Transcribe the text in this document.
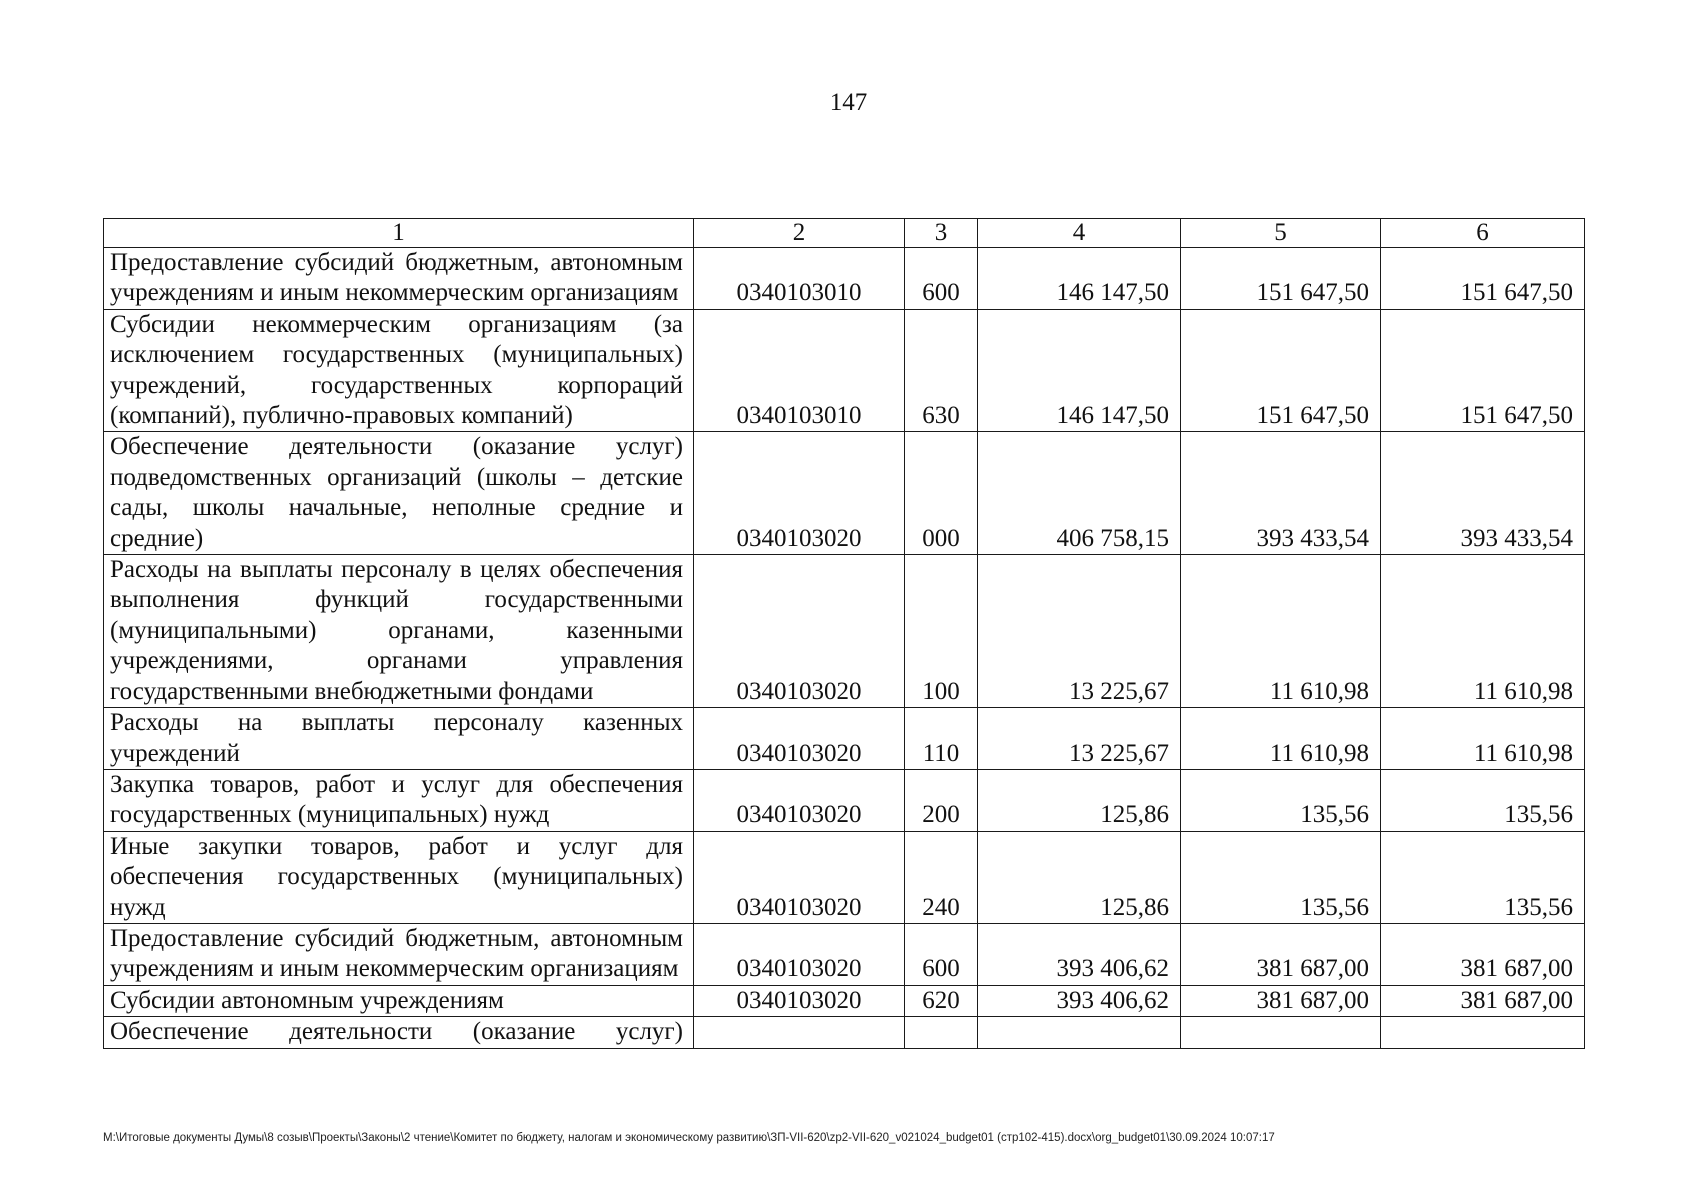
147
1	2	3	4	5	6

Предоставление субсидий бюджетным, автономным учреждениям и иным некоммерческим организациям	0340103010	600	146 147,50	151 647,50	151 647,50

Субсидии некоммерческим организациям (за исключением государственных (муниципальных) учреждений, государственных корпораций (компаний), публично-правовых компаний)	0340103010	630	146 147,50	151 647,50	151 647,50

Обеспечение деятельности (оказание услуг) подведомственных организаций (школы – детские сады, школы начальные, неполные средние и средние)	0340103020	000	406 758,15	393 433,54	393 433,54

Расходы на выплаты персоналу в целях обеспечения выполнения функций государственными (муниципальными) органами, казенными учреждениями, органами управления государственными внебюджетными фондами	0340103020	100	13 225,67	11 610,98	11 610,98

Расходы на выплаты персоналу казенных учреждений	0340103020	110	13 225,67	11 610,98	11 610,98

Закупка товаров, работ и услуг для обеспечения государственных (муниципальных) нужд	0340103020	200	125,86	135,56	135,56

Иные закупки товаров, работ и услуг для обеспечения государственных (муниципальных) нужд	0340103020	240	125,86	135,56	135,56

Предоставление субсидий бюджетным, автономным учреждениям и иным некоммерческим организациям	0340103020	600	393 406,62	381 687,00	381 687,00

Субсидии автономным учреждениям	0340103020	620	393 406,62	381 687,00	381 687,00

Обеспечение деятельности (оказание услуг)					

M:\Итоговые документы Думы\8 созыв\Проекты\Законы\2 чтение\Комитет по бюджету, налогам и экономическому развитию\ЗП-VII-620\zp2-VII-620_v021024_budget01 (стр102-415).docx\org_budget01\30.09.2024 10:07:17
